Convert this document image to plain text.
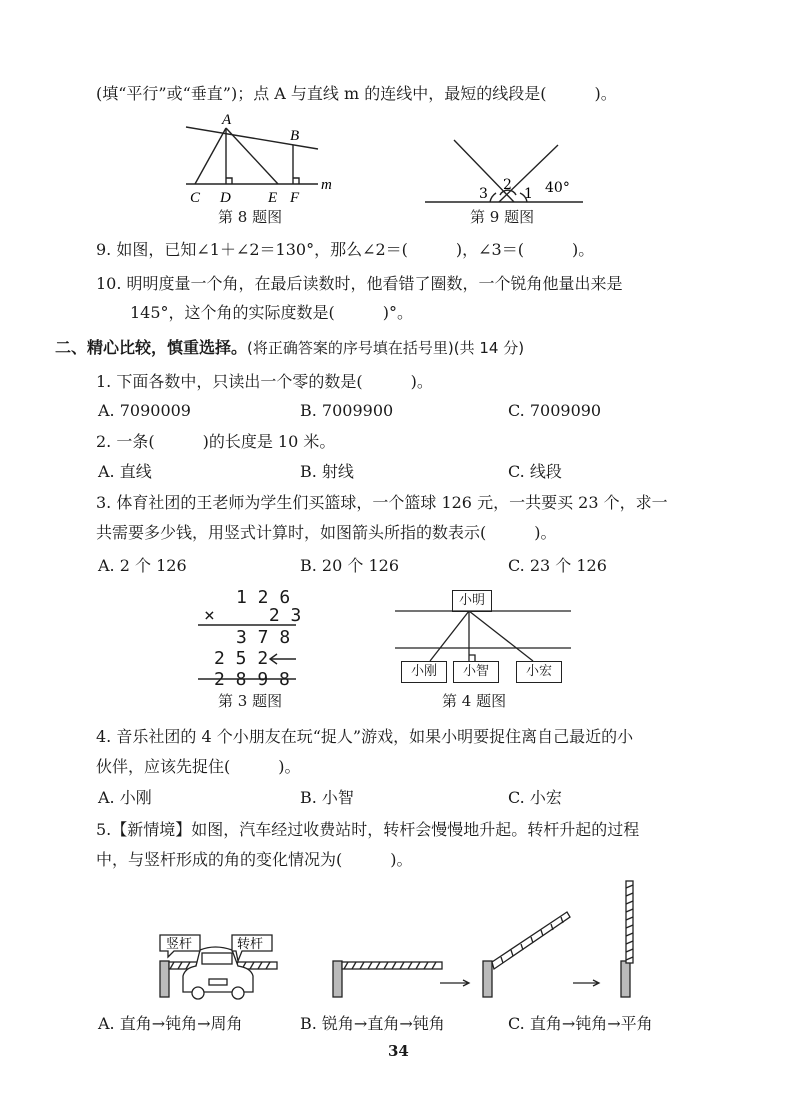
(填“平行”或“垂直”)；点 A 与直线 m 的连线中，最短的线段是(　　　)。
A
B
C D E F
m
3
2
1 40°
竖杆	转杆
第 8 题图	第 9 题图
9. 如图，已知∠1＋∠2＝130°，那么∠2＝(　　　)，∠3＝(　　　)。
10. 明明度量一个角，在最后读数时，他看错了圈数，一个锐角他量出来是
145°，这个角的实际度数是(　　　)°。
二、精心比较，慎重选择。(将正确答案的序号填在括号里)(共 14 分)
1. 下面各数中，只读出一个零的数是(　　　)。
A. 7090009	B. 7009900	C. 7009090
2. 一条(　　　)的长度是 10 米。
A. 直线	B. 射线	C. 线段
3. 体育社团的王老师为学生们买篮球，一个篮球 126 元，一共要买 23 个，求一
共需要多少钱，用竖式计算时，如图箭头所指的数表示(　　　)。
A. 2 个 126	B. 20 个 126	C. 23 个 126
1 2 6
×　　　2 3
3 7 8
2 5 2
2 8 9 8
第 3 题图
小明
小刚	小智	小宏
第 4 题图
4. 音乐社团的 4 个小朋友在玩“捉人”游戏，如果小明要捉住离自己最近的小
伙伴，应该先捉住(　　　)。
A. 小刚	B. 小智	C. 小宏
5.【新情境】如图，汽车经过收费站时，转杆会慢慢地升起。转杆升起的过程
中，与竖杆形成的角的变化情况为(　　　)。
A. 直角→钝角→周角	B. 锐角→直角→钝角	C. 直角→钝角→平角
34
